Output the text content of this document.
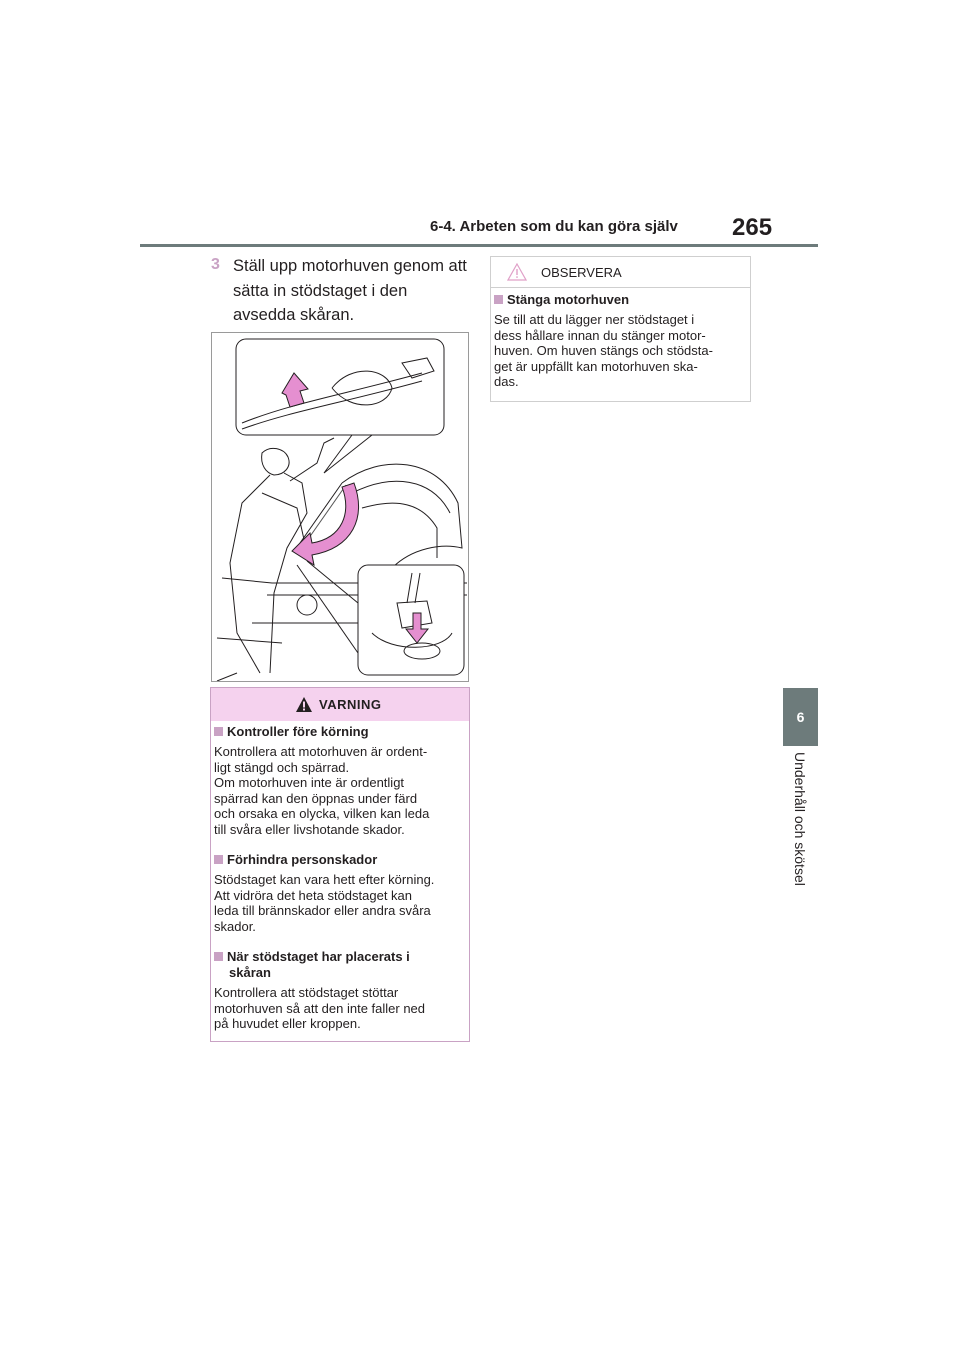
6-4. Arbeten som du kan göra själv 265
6
Underhåll och skötsel
3 Ställ upp motorhuven genom att sätta in stödstaget i den avsedda skåran.
VARNING
Kontroller före körning
Kontrollera att motorhuven är ordent-
ligt stängd och spärrad.
Om motorhuven inte är ordentligt
spärrad kan den öppnas under färd
och orsaka en olycka, vilken kan leda
till svåra eller livshotande skador.
Förhindra personskador
Stödstaget kan vara hett efter körning.
Att vidröra det heta stödstaget kan
leda till brännskador eller andra svåra
skador.
När stödstaget har placerats i
skåran
Kontrollera att stödstaget stöttar
motorhuven så att den inte faller ned
på huvudet eller kroppen.
OBSERVERA
Stänga motorhuven
Se till att du lägger ner stödstaget i
dess hållare innan du stänger motor-
huven. Om huven stängs och stödsta-
get är uppfällt kan motorhuven ska-
das.
